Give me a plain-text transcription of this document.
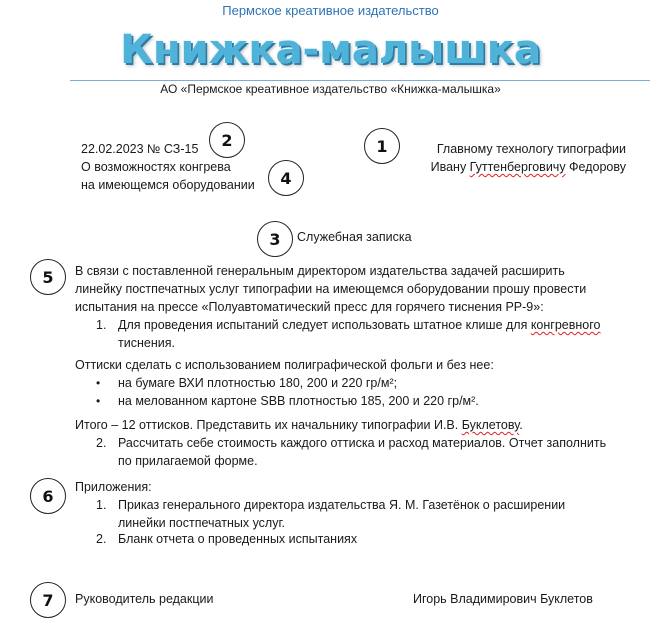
Пермское креативное издательство
Книжка-малышка
АО «Пермское креативное издательство «Книжка-малышка»
22.02.2023 № СЗ-15
О возможностях конгрева
на имеющемся оборудовании
Главному технологу типографии
Ивану Гуттенберговичу Федорову
Служебная записка
В связи с поставленной генеральным директором издательства задачей расширить
линейку постпечатных услуг типографии на имеющемся оборудовании прошу провести
испытания на прессе «Полуавтоматический пресс для горячего тиснения РР-9»:
1. Для проведения испытаний следует использовать штатное клише для конгревного
тиснения.
Оттиски сделать с использованием полиграфической фольги и без нее:
• на бумаге ВХИ плотностью 180, 200 и 220 гр/м²;
• на мелованном картоне SBB плотностью 185, 200 и 220 гр/м².
Итого – 12 оттисков. Представить их начальнику типографии И.В. Буклетову.
2. Рассчитать себе стоимость каждого оттиска и расход материалов. Отчет заполнить
по прилагаемой форме.
Приложения:
1. Приказ генерального директора издательства Я. М. Газетёнок о расширении
линейки постпечатных услуг.
2. Бланк отчета о проведенных испытаниях
Руководитель редакции	Игорь Владимирович Буклетов
1
2
3
4
5
6
7
